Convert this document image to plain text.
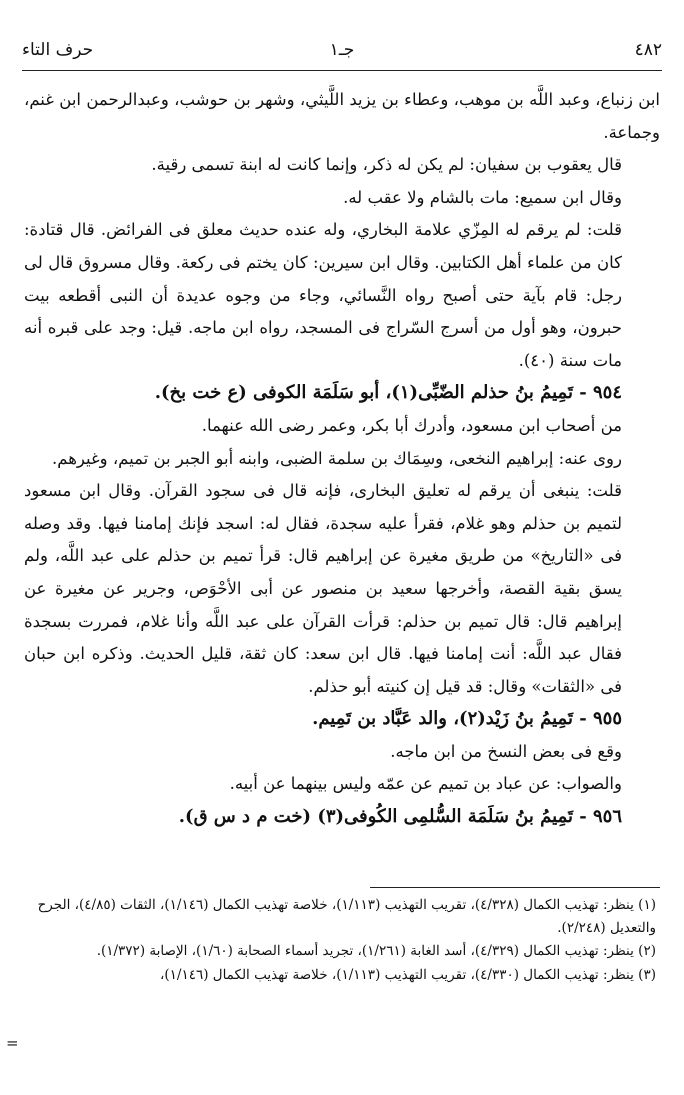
٤٨٢
جـ١
حرف التاء

ابن زنباع، وعبد اللَّه بن موهب، وعطاء بن يزيد اللَّيثي، وشهر بن حوشب، وعبدالرحمن ابن غنم، وجماعة.

قال يعقوب بن سفيان: لم يكن له ذكر، وإنما كانت له ابنة تسمى رقية.

وقال ابن سميع: مات بالشام ولا عقب له.

قلت: لم يرقم له المِزّي علامة البخاري، وله عنده حديث معلق فى الفرائض. قال قتادة: كان من علماء أهل الكتابين. وقال ابن سيرين: كان يختم فى ركعة. وقال مسروق قال لى رجل: قام بآية حتى أصبح رواه النَّسائي، وجاء من وجوه عديدة أن النبى أقطعه بيت حبرون، وهو أول من أسرج السّراج فى المسجد، رواه ابن ماجه. قيل: وجد على قبره أنه مات سنة (٤٠).

٩٥٤ - تَمِيمُ بنُ حذلم الضّبِّى(١)، أبو سَلَمَة الكوفى (ع خت بخ).

من أصحاب ابن مسعود، وأدرك أبا بكر، وعمر رضى الله عنهما.

روى عنه: إبراهيم النخعى، وسِمَاك بن سلمة الضبى، وابنه أبو الجبر بن تميم، وغيرهم.

قلت: ينبغى أن يرقم له تعليق البخارى، فإنه قال فى سجود القرآن. وقال ابن مسعود لتميم بن حذلم وهو غلام، فقرأ عليه سجدة، فقال له: اسجد فإنك إمامنا فيها. وقد وصله فى «التاريخ» من طريق مغيرة عن إبراهيم قال: قرأ تميم بن حذلم على عبد اللَّه، ولم يسق بقية القصة، وأخرجها سعيد بن منصور عن أبى الأحْوَص، وجرير عن مغيرة عن إبراهيم قال: قال تميم بن حذلم: قرأت القرآن على عبد اللَّه وأنا غلام، فمررت بسجدة فقال عبد اللَّه: أنت إمامنا فيها. قال ابن سعد: كان ثقة، قليل الحديث. وذكره ابن حبان فى «الثقات» وقال: قد قيل إن كنيته أبو حذلم.

٩٥٥ - تَمِيمُ بنُ زَيْد(٢)، والد عَبَّاد بن تَمِيم.

وقع فى بعض النسخ من ابن ماجه.

والصواب: عن عباد بن تميم عن عمّه وليس بينهما عن أبيه.

٩٥٦ - تَمِيمُ بنُ سَلَمَة السُّلمِى الكُوفى(٣) (خت م د س ق).

(١) ينظر: تهذيب الكمال (٤/٣٢٨)، تقريب التهذيب (١/١١٣)، خلاصة تهذيب الكمال (١/١٤٦)، الثقات (٤/٨٥)، الجرح والتعديل (٢/٢٤٨).

(٢) ينظر: تهذيب الكمال (٤/٣٢٩)، أسد الغابة (١/٢٦١)، تجريد أسماء الصحابة (١/٦٠)، الإصابة (١/٣٧٢).

(٣) ينظر: تهذيب الكمال (٤/٣٣٠)، تقريب التهذيب (١/١١٣)، خلاصة تهذيب الكمال (١/١٤٦)،

=
